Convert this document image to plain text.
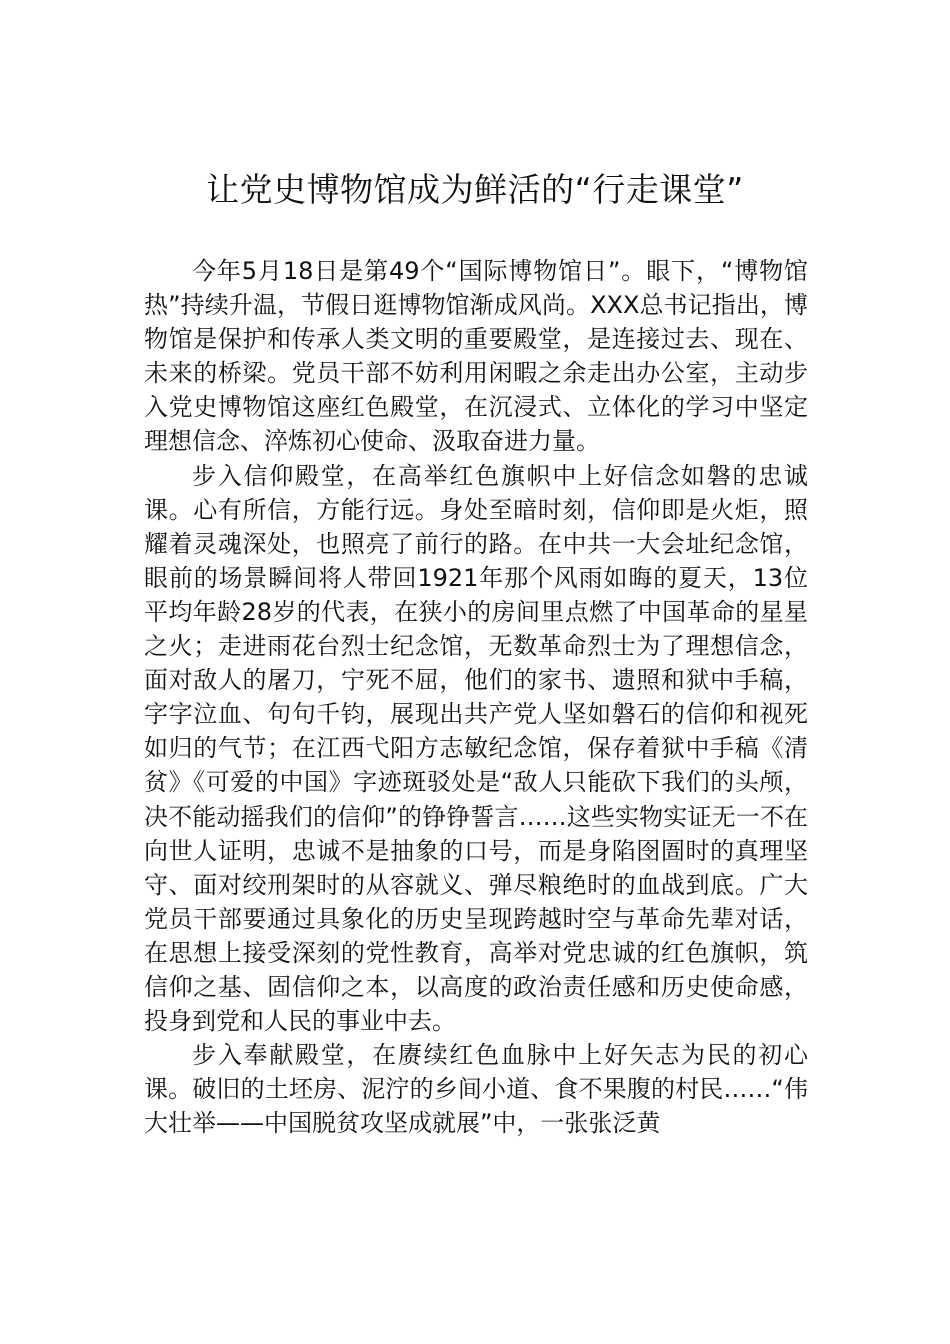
让党史博物馆成为鲜活的“行走课堂”

今年5月18日是第49个“国际博物馆日”。眼下，“博物馆热”持续升温，节假日逛博物馆渐成风尚。XXX总书记指出，博物馆是保护和传承人类文明的重要殿堂，是连接过去、现在、未来的桥梁。党员干部不妨利用闲暇之余走出办公室，主动步入党史博物馆这座红色殿堂，在沉浸式、立体化的学习中坚定理想信念、淬炼初心使命、汲取奋进力量。

步入信仰殿堂，在高举红色旗帜中上好信念如磐的忠诚课。心有所信，方能行远。身处至暗时刻，信仰即是火炬，照耀着灵魂深处，也照亮了前行的路。在中共一大会址纪念馆，眼前的场景瞬间将人带回1921年那个风雨如晦的夏天，13位平均年龄28岁的代表，在狭小的房间里点燃了中国革命的星星之火；走进雨花台烈士纪念馆，无数革命烈士为了理想信念，面对敌人的屠刀，宁死不屈，他们的家书、遗照和狱中手稿，字字泣血、句句千钧，展现出共产党人坚如磐石的信仰和视死如归的气节；在江西弋阳方志敏纪念馆，保存着狱中手稿《清贫》《可爱的中国》字迹斑驳处是“敌人只能砍下我们的头颅，决不能动摇我们的信仰”的铮铮誓言……这些实物实证无一不在向世人证明，忠诚不是抽象的口号，而是身陷囹圄时的真理坚守、面对绞刑架时的从容就义、弹尽粮绝时的血战到底。广大党员干部要通过具象化的历史呈现跨越时空与革命先辈对话，在思想上接受深刻的党性教育，高举对党忠诚的红色旗帜，筑信仰之基、固信仰之本，以高度的政治责任感和历史使命感，投身到党和人民的事业中去。

步入奉献殿堂，在赓续红色血脉中上好矢志为民的初心课。破旧的土坯房、泥泞的乡间小道、食不果腹的村民……“伟大壮举——中国脱贫攻坚成就展”中，一张张泛黄
